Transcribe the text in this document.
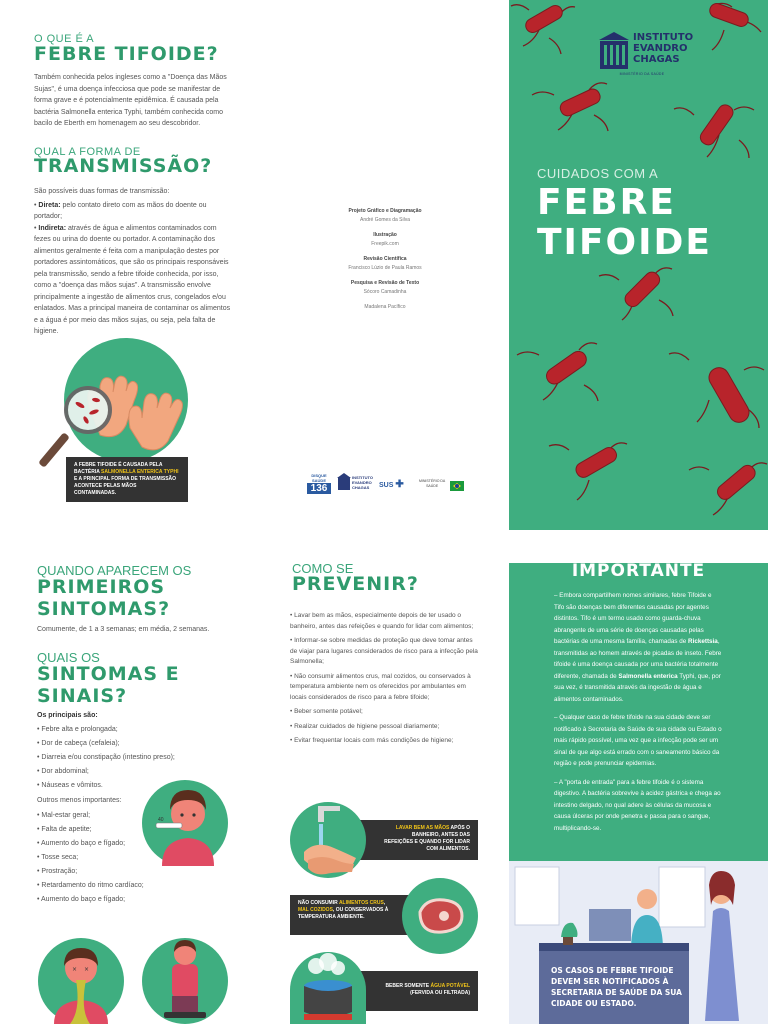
O QUE É A
FEBRE TIFOIDE?
Também conhecida pelos ingleses como a "Doença das Mãos Sujas", é uma doença infecciosa que pode se manifestar de forma grave e é potencialmente epidêmica. É causada pela bactéria Salmonella enterica Typhi, também conhecida como bacilo de Eberth em homenagem ao seu descobridor.
QUAL A FORMA DE
TRANSMISSÃO?
São possíveis duas formas de transmissão:
• Direta: pelo contato direto com as mãos do doente ou portador;
• Indireta: através de água e alimentos contaminados com fezes ou urina do doente ou portador. A contaminação dos alimentos geralmente é feita com a manipulação destes por portadores assintomáticos, que são os principais responsáveis pela transmissão, sendo a febre tifoide conhecida, por isso, como a "doença das mãos sujas". A transmissão envolve principalmente a ingestão de alimentos crus, congelados e/ou enlatados. Mas a principal maneira de contaminar os alimentos e a água é por meio das mãos sujas, ou seja, pela falta de higiene.
A FEBRE TIFOIDE É CAUSADA PELA BACTÉRIA SALMONELLA ENTERICA TYPHI E A PRINCIPAL FORMA DE TRANSMISSÃO ACONTECE PELAS MÃOS CONTAMINADAS.
Projeto Gráfico e Diagramação
André Gomes da Silva
Ilustração
Freepik.com
Revisão Científica
Francisco Lúzio de Paula Ramos
Pesquisa e Revisão de Texto
Sócoro Camadinha
Madalena Pacífico
DISQUE
SAÚDE
136
INSTITUTO
EVANDRO
CHAGAS	SUS ✚	MINISTÉRIO DA
SAÚDE
INSTITUTO
EVANDRO
CHAGAS
MINISTÉRIO DA SAÚDE
CUIDADOS COM A
FEBRE
TIFOIDE
QUANDO APARECEM OS
PRIMEIROS
SINTOMAS?
Comumente, de 1 a 3 semanas; em média, 2 semanas.
QUAIS OS
SINTOMAS E
SINAIS?
Os principais são:
• Febre alta e prolongada;
• Dor de cabeça (cefaleia);
• Diarreia e/ou constipação (intestino preso);
• Dor abdominal;
• Náuseas e vômitos.
Outros menos importantes:
• Mal-estar geral;
• Falta de apetite;
• Aumento do baço e fígado;
• Tosse seca;
• Prostração;
• Retardamento do ritmo cardíaco;
• Aumento do baço e fígado;
40
× ×
COMO SE
PREVENIR?
• Lavar bem as mãos, especialmente depois de ter usado o banheiro, antes das refeições e quando for lidar com alimentos;
• Informar-se sobre medidas de proteção que deve tomar antes de viajar para lugares considerados de risco para a infecção pela Salmonella;
• Não consumir alimentos crus, mal cozidos, ou conservados à temperatura ambiente nem os oferecidos por ambulantes em locais considerados de risco para a febre tifoide;
• Beber somente potável;
• Realizar cuidados de higiene pessoal diariamente;
• Evitar frequentar locais com más condições de higiene;
LAVAR BEM AS MÃOS APÓS O BANHEIRO, ANTES DAS REFEIÇÕES E QUANDO FOR LIDAR COM ALIMENTOS.
NÃO CONSUMIR ALIMENTOS CRUS, MAL COZIDOS, OU CONSERVADOS À TEMPERATURA AMBIENTE.
BEBER SOMENTE ÁGUA POTÁVEL
(FERVIDA OU FILTRADA)
IMPORTANTE
– Embora compartilhem nomes similares, febre Tifoide e Tifo são doenças bem diferentes causadas por agentes distintos. Tifo é um termo usado como guarda-chuva abrangente de uma série de doenças causadas pelas bactérias de uma mesma família, chamadas de Rickettsia, transmitidas ao homem através de picadas de inseto. Febre tifoide é uma doença causada por uma bactéria totalmente diferente, chamada de Salmonella enterica Typhi, que, por sua vez, é transmitida através da ingestão de água e alimentos contaminados.
– Qualquer caso de febre tifoide na sua cidade deve ser notificado à Secretaria de Saúde de sua cidade ou Estado o mais rápido possível, uma vez que a infecção pode ser um sinal de que algo está errado com o saneamento básico da região e pode prenunciar epidemias.
– A "porta de entrada" para a febre tifoide é o sistema digestivo. A bactéria sobrevive à acidez gástrica e chega ao intestino delgado, no qual adere às células da mucosa e causa úlceras por onde penetra e passa para o sangue, multiplicando-se.
OS CASOS DE FEBRE TIFOIDE DEVEM SER NOTIFICADOS À SECRETARIA DE SAÚDE DA SUA CIDADE OU ESTADO.
